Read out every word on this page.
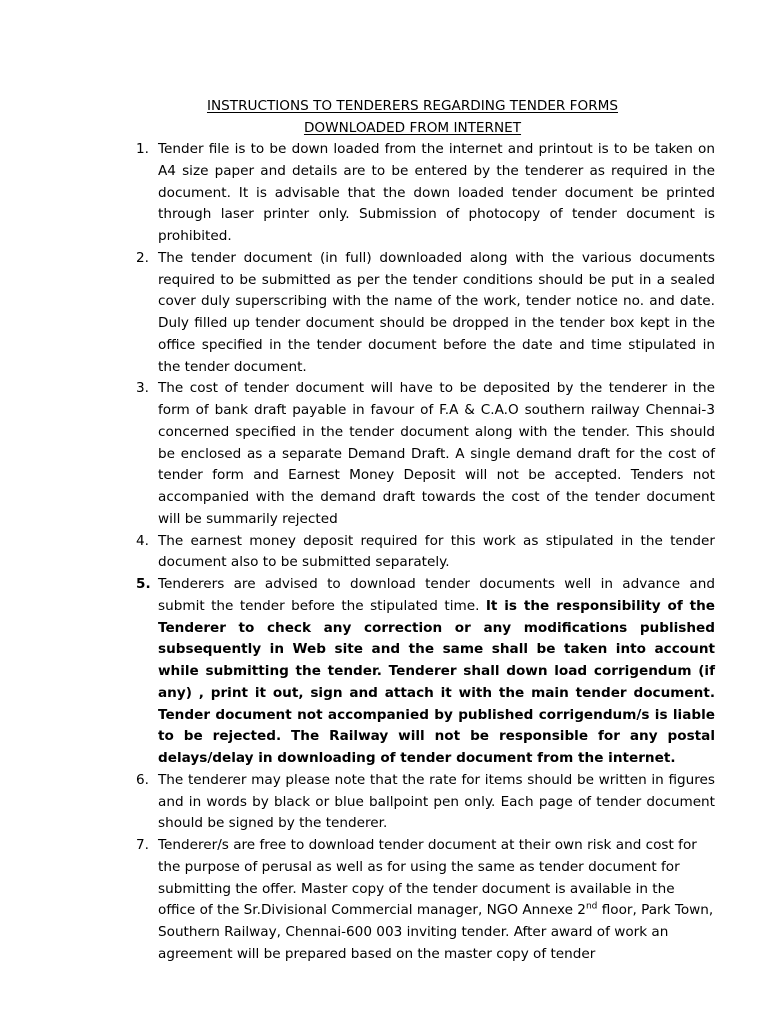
INSTRUCTIONS TO TENDERERS REGARDING TENDER FORMS
DOWNLOADED FROM INTERNET
1. Tender file is to be down loaded from the internet and printout is to be taken on A4 size paper and details are to be entered by the tenderer as required in the document. It is advisable that the down loaded tender document be printed through laser printer only. Submission of photocopy of tender document is prohibited.
2. The tender document (in full) downloaded along with the various documents required to be submitted as per the tender conditions should be put in a sealed cover duly superscribing with the name of the work, tender notice no. and date. Duly filled up tender document should be dropped in the tender box kept in the office specified in the tender document before the date and time stipulated in the tender document.
3. The cost of tender document will have to be deposited by the tenderer in the form of bank draft payable in favour of F.A & C.A.O southern railway Chennai-3 concerned specified in the tender document along with the tender. This should be enclosed as a separate Demand Draft. A single demand draft for the cost of tender form and Earnest Money Deposit will not be accepted. Tenders not accompanied with the demand draft towards the cost of the tender document will be summarily rejected
4. The earnest money deposit required for this work as stipulated in the tender document also to be submitted separately.
5. Tenderers are advised to download tender documents well in advance and submit the tender before the stipulated time. It is the responsibility of the Tenderer to check any correction or any modifications published subsequently in Web site and the same shall be taken into account while submitting the tender. Tenderer shall down load corrigendum (if any) , print it out, sign and attach it with the main tender document. Tender document not accompanied by published corrigendum/s is liable to be rejected. The Railway will not be responsible for any postal delays/delay in downloading of tender document from the internet.
6. The tenderer may please note that the rate for items should be written in figures and in words by black or blue ballpoint pen only. Each page of tender document should be signed by the tenderer.
7. Tenderer/s are free to download tender document at their own risk and cost for the purpose of perusal as well as for using the same as tender document for submitting the offer. Master copy of the tender document is available in the office of the Sr.Divisional Commercial manager, NGO Annexe 2nd floor, Park Town, Southern Railway, Chennai-600 003 inviting tender. After award of work an agreement will be prepared based on the master copy of tender
